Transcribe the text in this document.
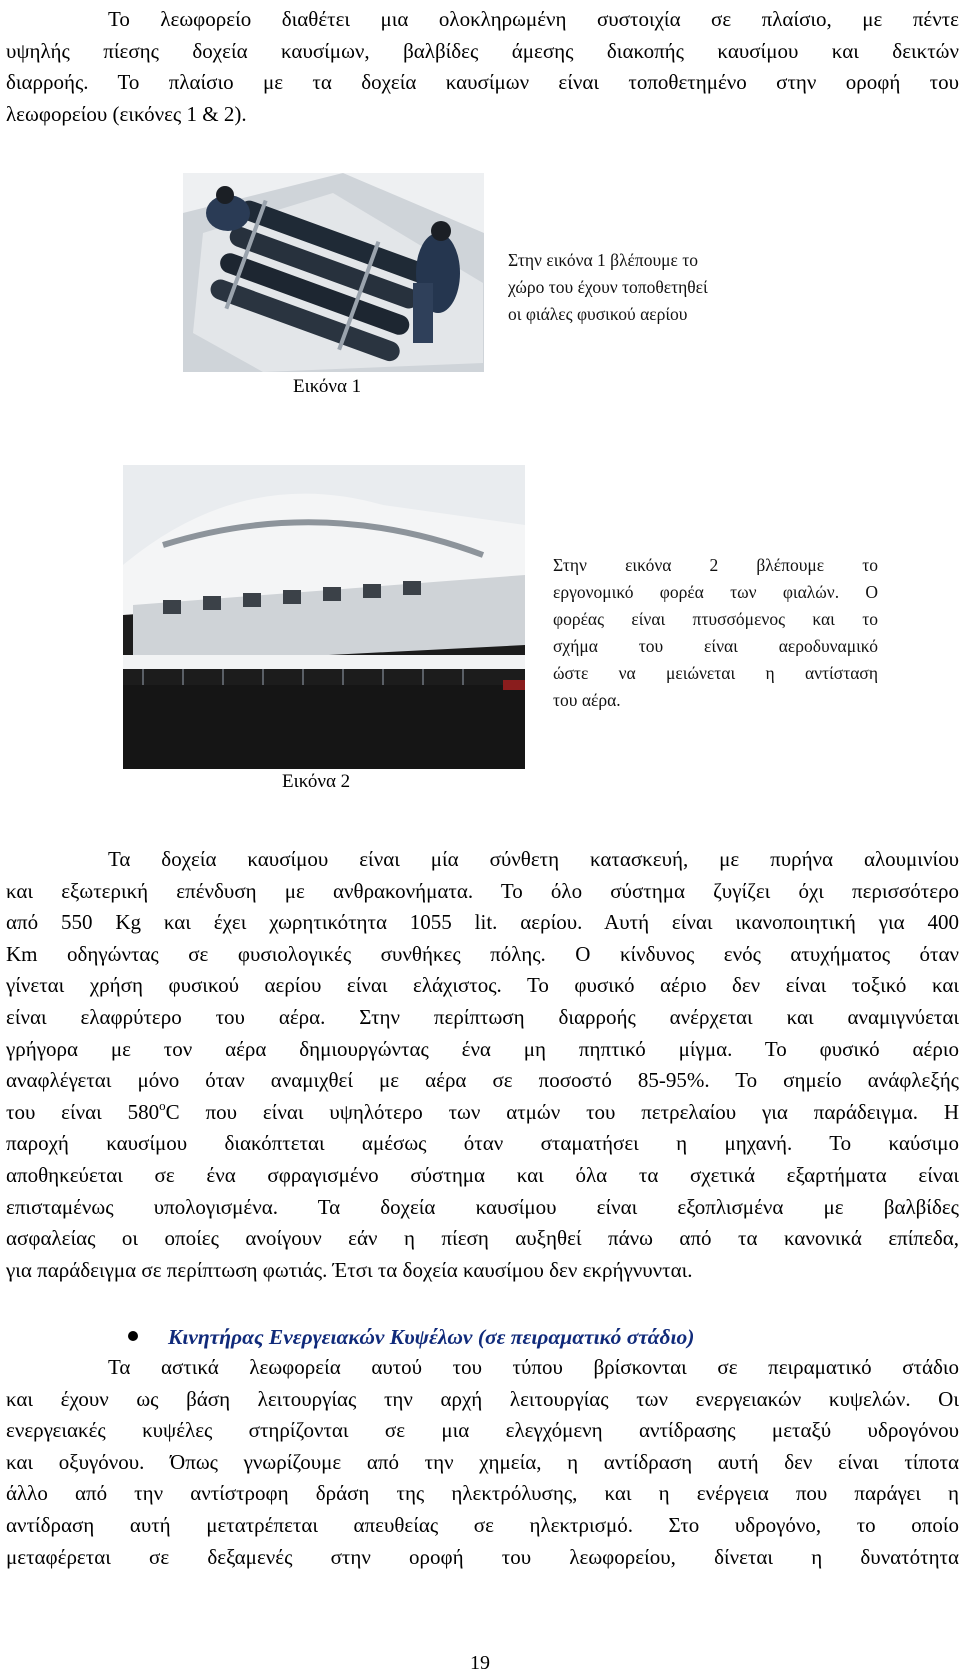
Το λεωφορείο διαθέτει μια ολοκληρωμένη συστοιχία σε πλαίσιο, με πέντε
υψηλής πίεσης δοχεία καυσίμων, βαλβίδες άμεσης διακοπής καυσίμου και δεικτών
διαρροής. Το πλαίσιο με τα δοχεία καυσίμων είναι τοποθετημένο στην οροφή του
λεωφορείου (εικόνες 1 & 2).
Στην εικόνα 1 βλέπουμε το
χώρο του έχουν τοποθετηθεί
οι φιάλες φυσικού αερίου
Εικόνα 1
Στην εικόνα 2 βλέπουμε το
εργονομικό φορέα των φιαλών. Ο
φορέας είναι πτυσσόμενος και το
σχήμα του είναι αεροδυναμικό
ώστε να μειώνεται η αντίσταση
του αέρα.
Εικόνα 2
Τα δοχεία καυσίμου είναι μία σύνθετη κατασκευή, με πυρήνα αλουμινίου
και εξωτερική επένδυση με ανθρακονήματα. Το όλο σύστημα ζυγίζει όχι περισσότερο
από 550 Kg και έχει χωρητικότητα 1055 lit. αερίου. Αυτή είναι ικανοποιητική για 400
Km οδηγώντας σε φυσιολογικές συνθήκες πόλης. Ο κίνδυνος ενός ατυχήματος όταν
γίνεται χρήση φυσικού αερίου είναι ελάχιστος. Το φυσικό αέριο δεν είναι τοξικό και
είναι ελαφρύτερο του αέρα. Στην περίπτωση διαρροής ανέρχεται και αναμιγνύεται
γρήγορα με τον αέρα δημιουργώντας ένα μη πηπτικό μίγμα. Το φυσικό αέριο
αναφλέγεται μόνο όταν αναμιχθεί με αέρα σε ποσοστό 85-95%. Το σημείο ανάφλεξής
του είναι 580$^o$C που είναι υψηλότερο των ατμών του πετρελαίου για παράδειγμα. Η
παροχή καυσίμου διακόπτεται αμέσως όταν σταματήσει η μηχανή. Το καύσιμο
αποθηκεύεται σε ένα σφραγισμένο σύστημα και όλα τα σχετικά εξαρτήματα είναι
επισταμένως υπολογισμένα. Τα δοχεία καυσίμου είναι εξοπλισμένα με βαλβίδες
ασφαλείας οι οποίες ανοίγουν εάν η πίεση αυξηθεί πάνω από τα κανονικά επίπεδα,
για παράδειγμα σε περίπτωση φωτιάς. Έτσι τα δοχεία καυσίμου δεν εκρήγνυνται.
Κινητήρας Ενεργειακών Κυψέλων (σε πειραματικό στάδιο)
Τα αστικά λεωφορεία αυτού του τύπου βρίσκονται σε πειραματικό στάδιο
και έχουν ως βάση λειτουργίας την αρχή λειτουργίας των ενεργειακών κυψελών. Οι
ενεργειακές κυψέλες στηρίζονται σε μια ελεγχόμενη αντίδρασης μεταξύ υδρογόνου
και οξυγόνου. Όπως γνωρίζουμε από την χημεία, η αντίδραση αυτή δεν είναι τίποτα
άλλο από την αντίστροφη δράση της ηλεκτρόλυσης, και η ενέργεια που παράγει η
αντίδραση αυτή μετατρέπεται απευθείας σε ηλεκτρισμό. Στο υδρογόνο, το οποίο
μεταφέρεται σε δεξαμενές στην οροφή του λεωφορείου, δίνεται η δυνατότητα
19
